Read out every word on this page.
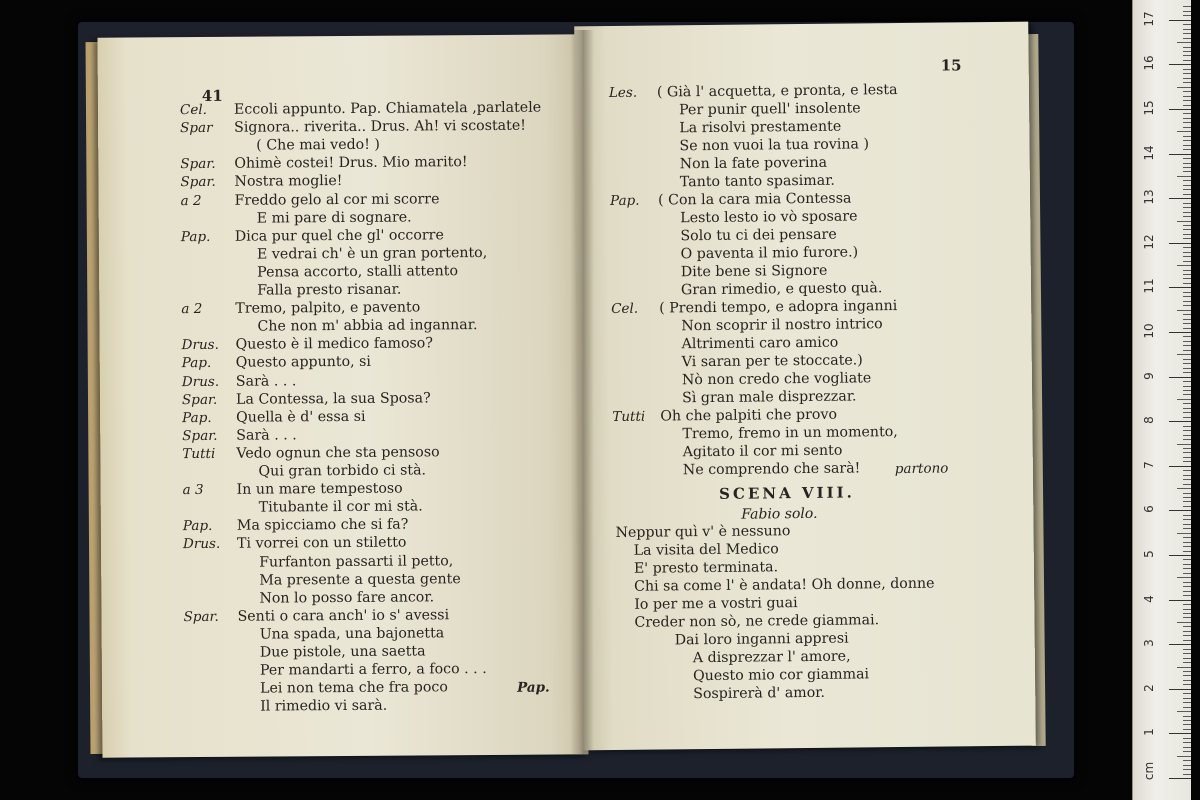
41
Cel. Eccoli appunto. Pap. Chiamatela ,parlatele
Spar Signora.. riverita.. Drus. Ah! vi scostate!
( Che mai vedo! )
Spar. Ohimè costei! Drus. Mio marito!
Spar. Nostra moglie!
a 2 Freddo gelo al cor mi scorre
E mi pare di sognare.
Pap. Dica pur quel che gl' occorre
E vedrai ch' è un gran portento,
Pensa accorto, stalli attento
Falla presto risanar.
a 2 Tremo, palpito, e pavento
Che non m' abbia ad ingannar.
Drus. Questo è il medico famoso?
Pap. Questo appunto, si
Drus. Sarà . . .
Spar. La Contessa, la sua Sposa?
Pap. Quella è d' essa si
Spar. Sarà . . .
Tutti Vedo ognun che sta pensoso
Qui gran torbido ci stà.
a 3 In un mare tempestoso
Titubante il cor mi stà.
Pap. Ma spicciamo che si fa?
Drus. Ti vorrei con un stiletto
Furfanton passarti il petto,
Ma presente a questa gente
Non lo posso fare ancor.
Spar. Senti o cara anch' io s' avessi
Una spada, una bajonetta
Due pistole, una saetta
Per mandarti a ferro, a foco . . .
Lei non tema che fra poco
Il rimedio vi sarà.
Pap.
15
Les. ( Già l' acquetta, e pronta, e lesta
Per punir quell' insolente
La risolvi prestamente
Se non vuoi la tua rovina )
Non la fate poverina
Tanto tanto spasimar.
Pap. ( Con la cara mia Contessa
Lesto lesto io vò sposare
Solo tu ci dei pensare
O paventa il mio furore.)
Dite bene si Signore
Gran rimedio, e questo quà.
Cel. ( Prendi tempo, e adopra inganni
Non scoprir il nostro intrico
Altrimenti caro amico
Vi saran per te stoccate.)
Nò non credo che vogliate
Sì gran male disprezzar.
Tutti Oh che palpiti che provo
Tremo, fremo in un momento,
Agitato il cor mi sento
Ne comprendo che sarà!	partono
SCENA VIII.
Fabio solo.
Neppur quì v' è nessuno
La visita del Medico
E' presto terminata.
Chi sa come l' è andata! Oh donne, donne
Io per me a vostri guai
Creder non sò, ne crede giammai.
Dai loro inganni appresi
A disprezzar l' amore,
Questo mio cor giammai
Sospirerà d' amor.
1
2
3
4
5
6
7
8
9
10
11
12
13
14
15
16
17
cm
